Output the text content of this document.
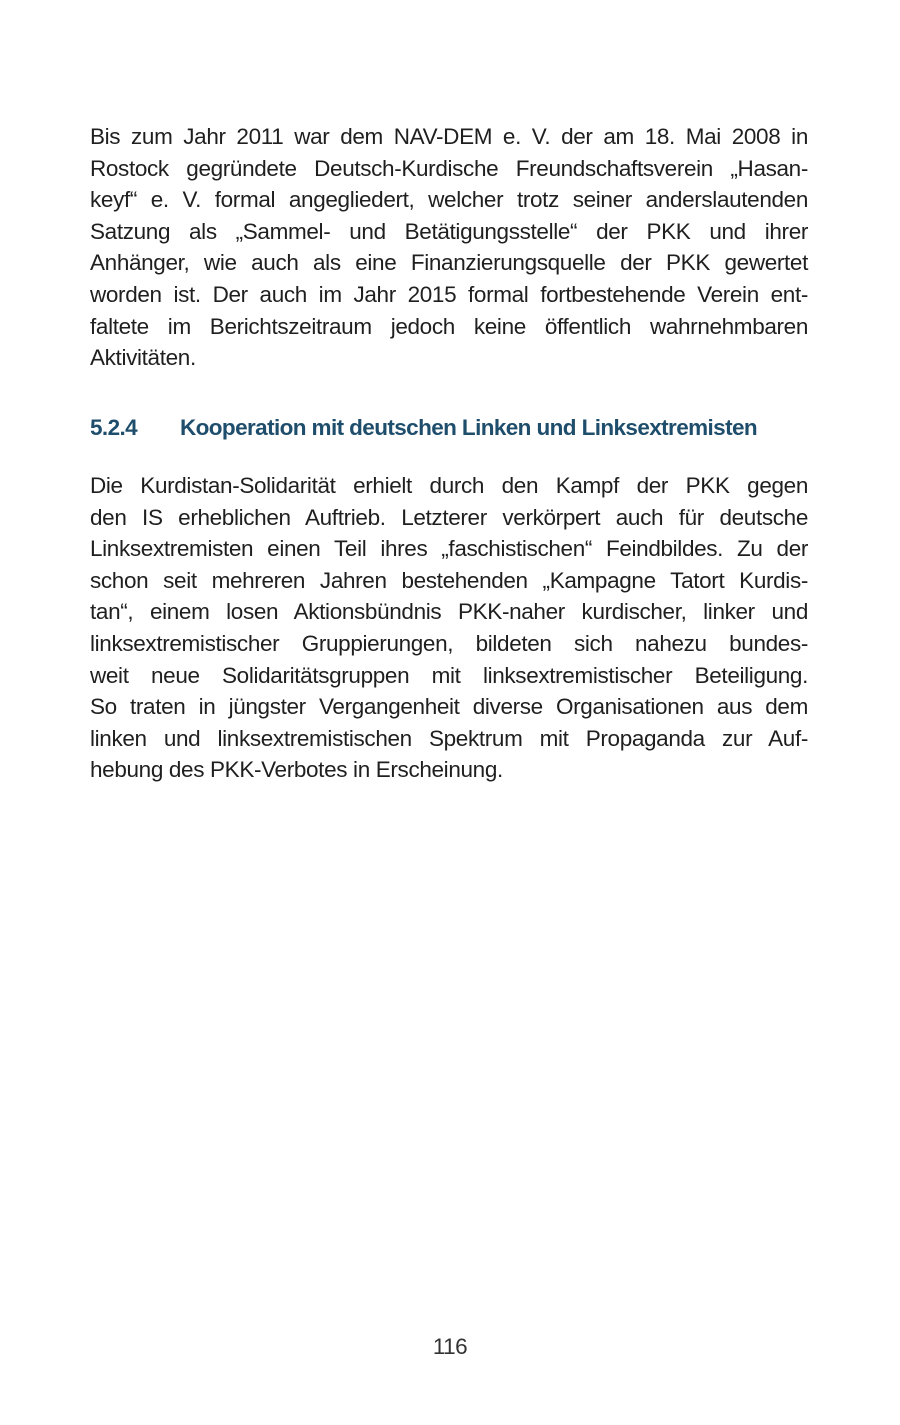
Bis zum Jahr 2011 war dem NAV-DEM e. V. der am 18. Mai 2008 in
Rostock gegründete Deutsch-Kurdische Freundschaftsverein „Hasan-
keyf“ e. V. formal angegliedert, welcher trotz seiner anderslautenden
Satzung als „Sammel- und Betätigungsstelle“ der PKK und ihrer
Anhänger, wie auch als eine Finanzierungsquelle der PKK gewertet
worden ist. Der auch im Jahr 2015 formal fortbestehende Verein ent-
faltete im Berichtszeitraum jedoch keine öffentlich wahrnehmbaren
Aktivitäten.
5.2.4 Kooperation mit deutschen Linken und Linksextremisten
Die Kurdistan-Solidarität erhielt durch den Kampf der PKK gegen
den IS erheblichen Auftrieb. Letzterer verkörpert auch für deutsche
Linksextremisten einen Teil ihres „faschistischen“ Feindbildes. Zu der
schon seit mehreren Jahren bestehenden „Kampagne Tatort Kurdis-
tan“, einem losen Aktionsbündnis PKK-naher kurdischer, linker und
linksextremistischer Gruppierungen, bildeten sich nahezu bundes-
weit neue Solidaritätsgruppen mit linksextremistischer Beteiligung.
So traten in jüngster Vergangenheit diverse Organisationen aus dem
linken und linksextremistischen Spektrum mit Propaganda zur Auf-
hebung des PKK-Verbotes in Erscheinung.
116
